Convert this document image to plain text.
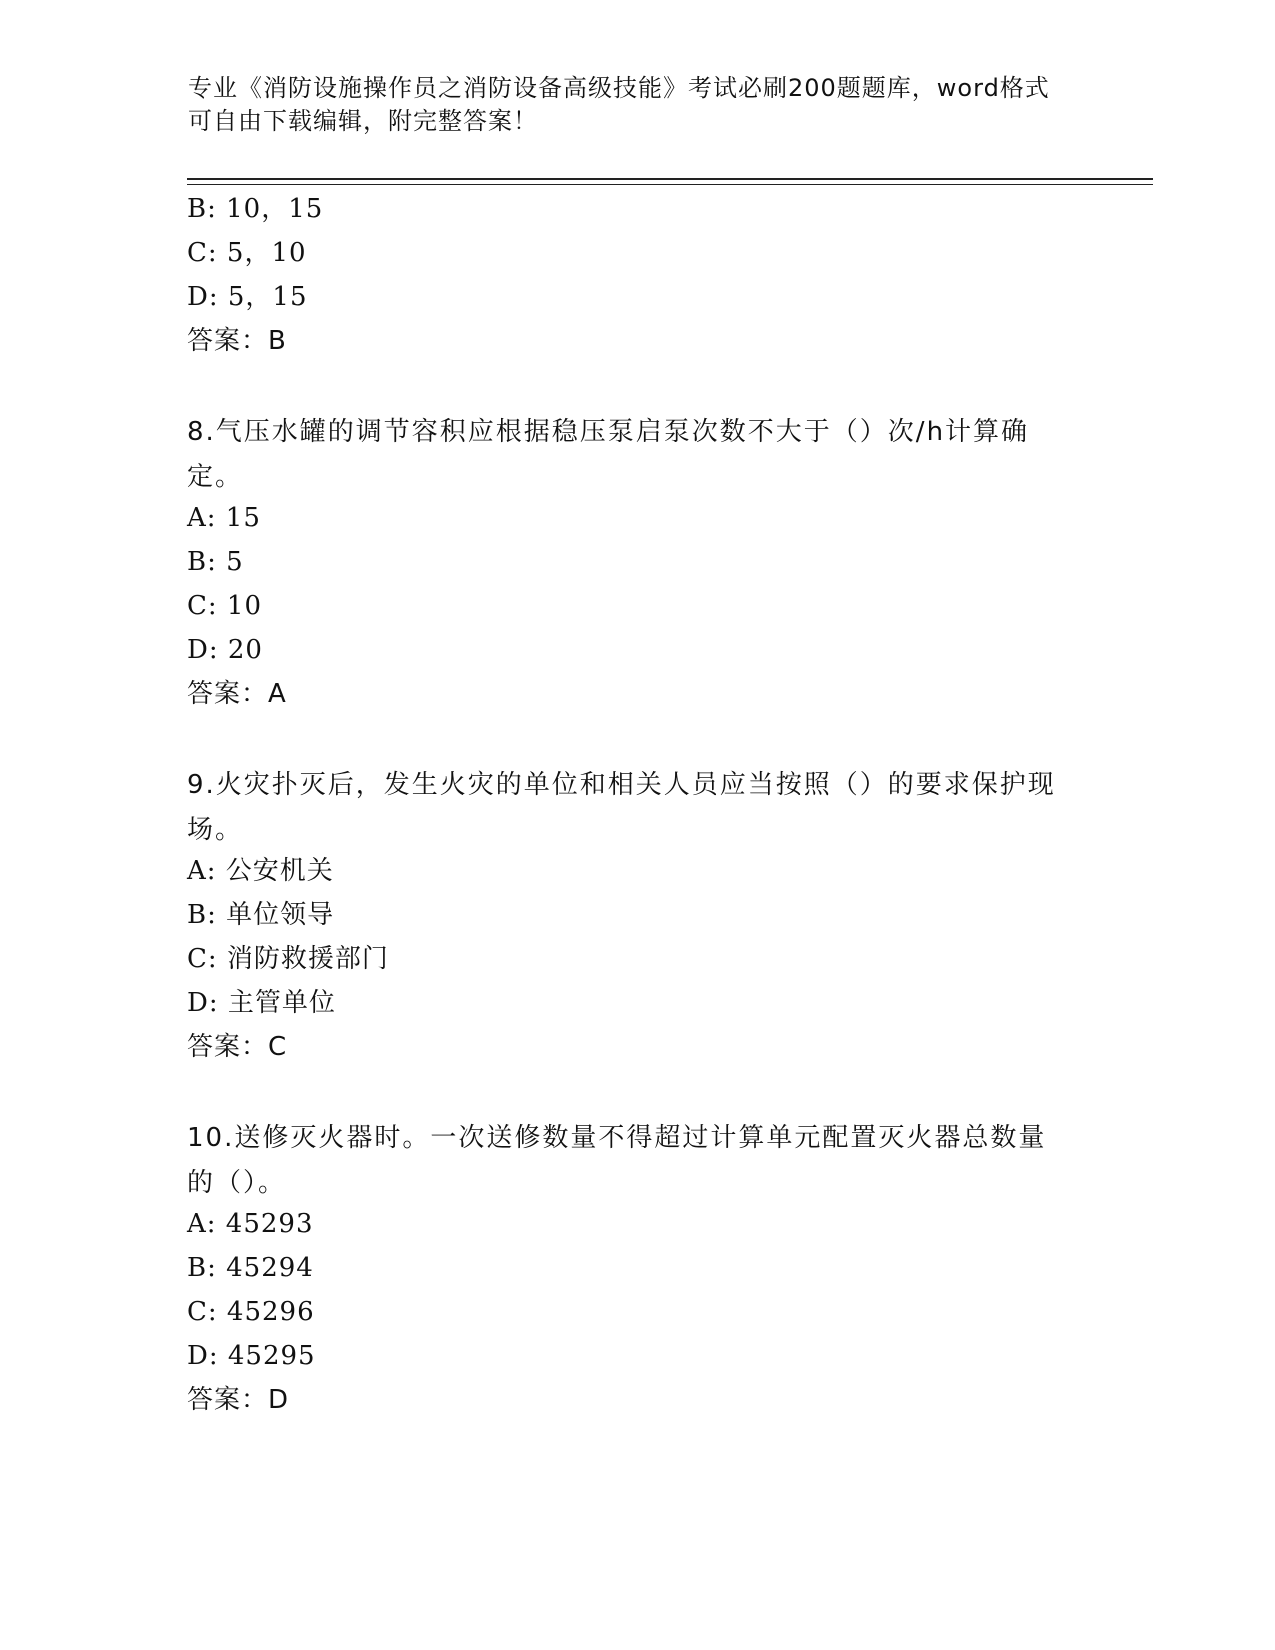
专业《消防设施操作员之消防设备高级技能》考试必刷200题题库，word格式可自由下载编辑，附完整答案！

B: 10，15

C: 5，10

D: 5，15

答案：B

8.气压水罐的调节容积应根据稳压泵启泵次数不大于（）次/h计算确定。

A: 15

B: 5

C: 10

D: 20

答案：A

9.火灾扑灭后，发生火灾的单位和相关人员应当按照（）的要求保护现场。

A: 公安机关

B: 单位领导

C: 消防救援部门

D: 主管单位

答案：C

10.送修灭火器时。一次送修数量不得超过计算单元配置灭火器总数量的（）。

A: 45293

B: 45294

C: 45296

D: 45295

答案：D
